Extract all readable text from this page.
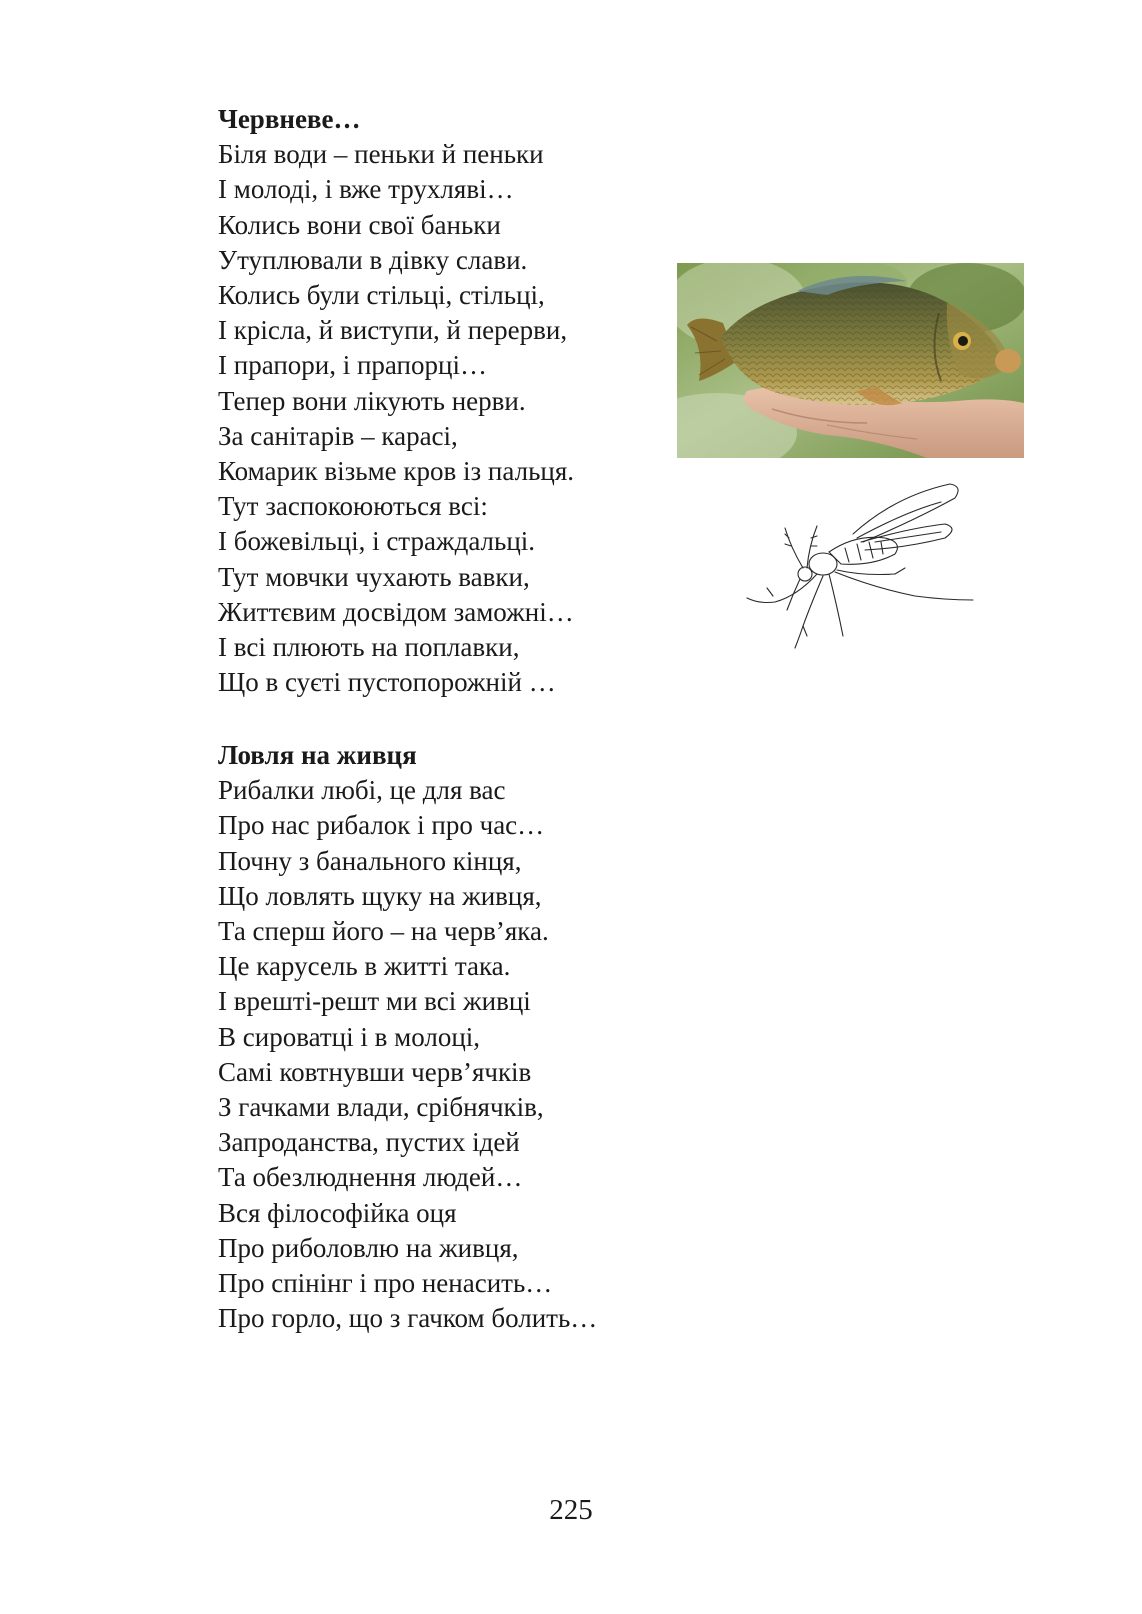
Червневе…
Біля води – пеньки й пеньки
І молоді, і вже трухляві…
Колись вони свої баньки
Утуплювали в дівку слави.
Колись були стільці, стільці,
І крісла, й виступи, й перерви,
І прапори, і прапорці…
Тепер вони лікують нерви.
За санітарів – карасі,
Комарик візьме кров із пальця.
Тут заспокоюються всі:
І божевільці, і страждальці.
Тут мовчки чухають вавки,
Життєвим досвідом заможні…
І всі плюють на поплавки,
Що в суєті пустопорожній …
Ловля на живця
Рибалки любі, це для вас
Про нас рибалок і про час…
Почну з банального кінця,
Що ловлять щуку на живця,
Та сперш його – на черв’яка.
Це карусель в житті така.
І врешті-решт ми всі живці
В сироватці і в молоці,
Самі ковтнувши черв’ячків
З гачками влади, срібнячків,
Запроданства, пустих ідей
Та обезлюднення людей…
Вся філософійка оця
Про риболовлю на живця,
Про спінінг і про ненасить…
Про горло, що з гачком болить…
225
